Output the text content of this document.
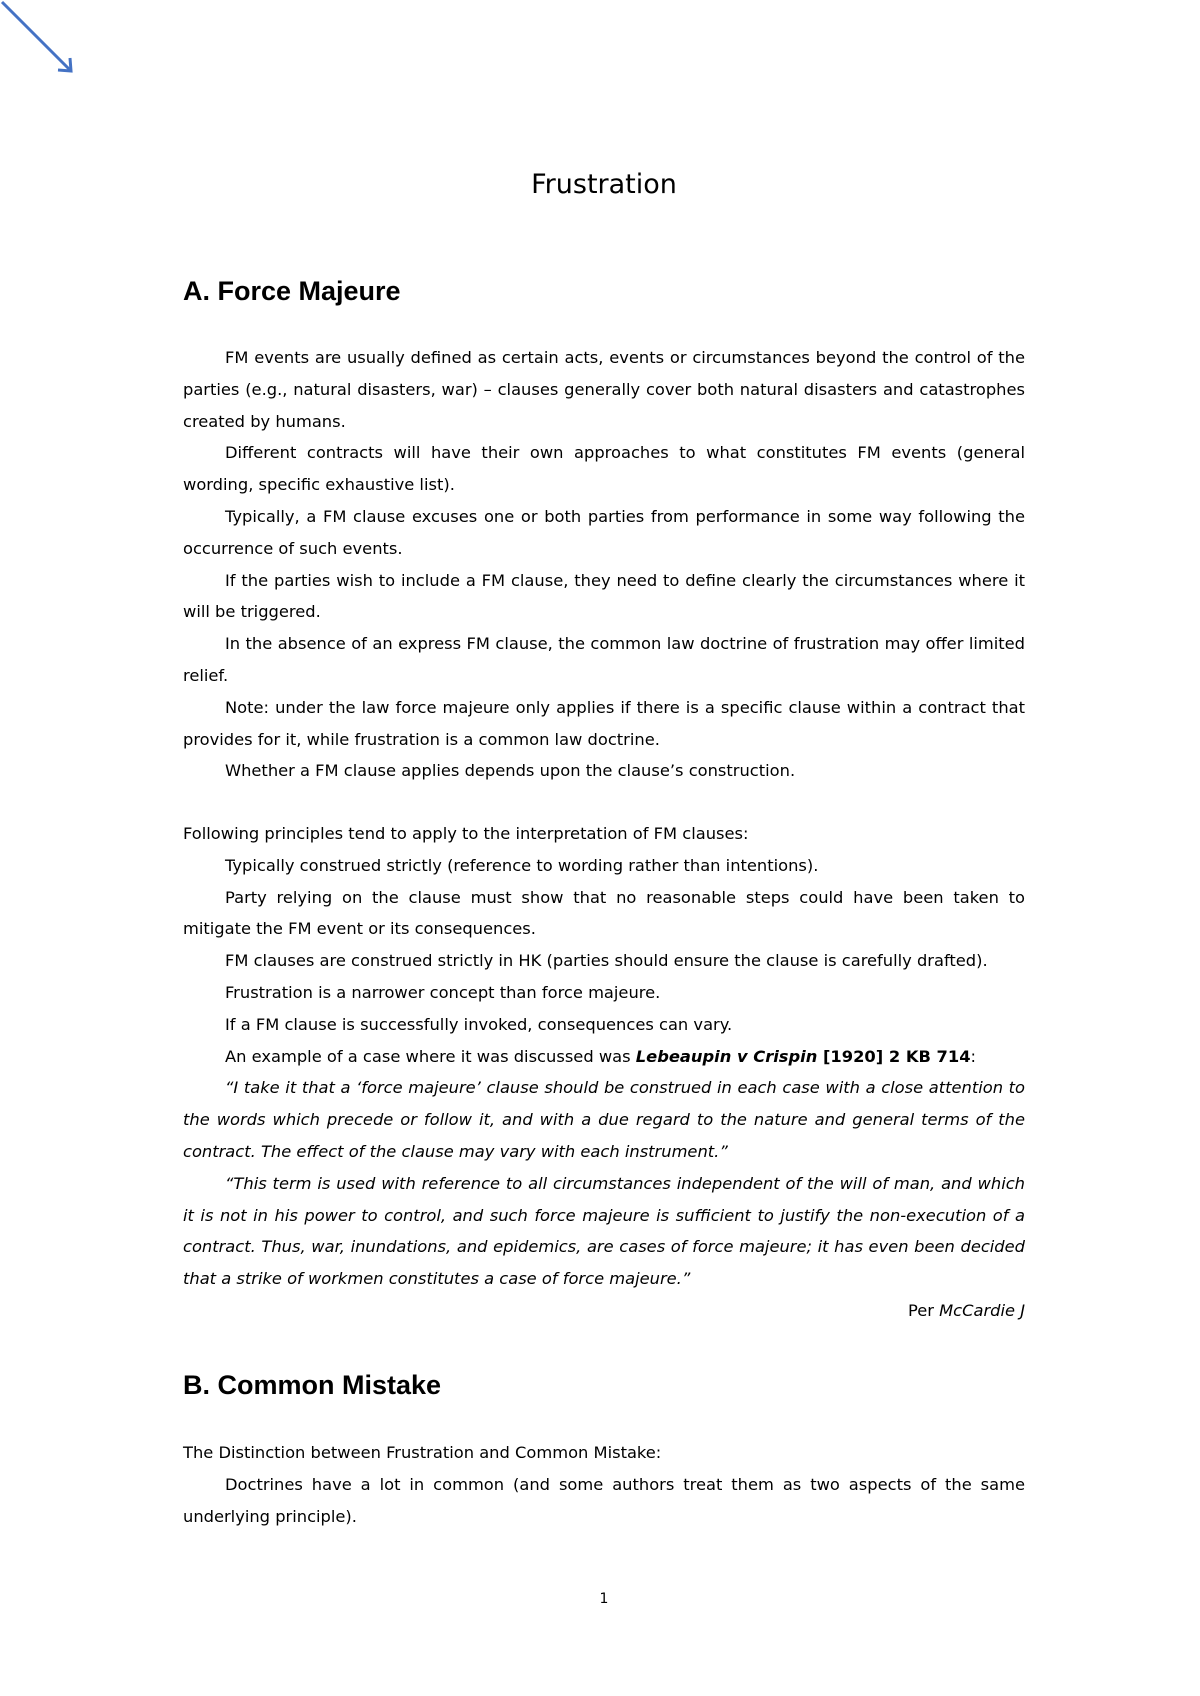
Frustration
A. Force Majeure

FM events are usually defined as certain acts, events or circumstances beyond the control of the parties (e.g., natural disasters, war) – clauses generally cover both natural disasters and catastrophes created by humans.

Different contracts will have their own approaches to what constitutes FM events (general wording, specific exhaustive list).

Typically, a FM clause excuses one or both parties from performance in some way following the occurrence of such events.

If the parties wish to include a FM clause, they need to define clearly the circumstances where it will be triggered.

In the absence of an express FM clause, the common law doctrine of frustration may offer limited relief.

Note: under the law force majeure only applies if there is a specific clause within a contract that provides for it, while frustration is a common law doctrine.

Whether a FM clause applies depends upon the clause’s construction.

Following principles tend to apply to the interpretation of FM clauses:

Typically construed strictly (reference to wording rather than intentions).

Party relying on the clause must show that no reasonable steps could have been taken to mitigate the FM event or its consequences.

FM clauses are construed strictly in HK (parties should ensure the clause is carefully drafted).

Frustration is a narrower concept than force majeure.

If a FM clause is successfully invoked, consequences can vary.

An example of a case where it was discussed was Lebeaupin v Crispin [1920] 2 KB 714:

“I take it that a ‘force majeure’ clause should be construed in each case with a close attention to the words which precede or follow it, and with a due regard to the nature and general terms of the contract. The effect of the clause may vary with each instrument.”

“This term is used with reference to all circumstances independent of the will of man, and which it is not in his power to control, and such force majeure is sufficient to justify the non-execution of a contract. Thus, war, inundations, and epidemics, are cases of force majeure; it has even been decided that a strike of workmen constitutes a case of force majeure.”

Per McCardie J

B. Common Mistake

The Distinction between Frustration and Common Mistake:

Doctrines have a lot in common (and some authors treat them as two aspects of the same underlying principle).

1
